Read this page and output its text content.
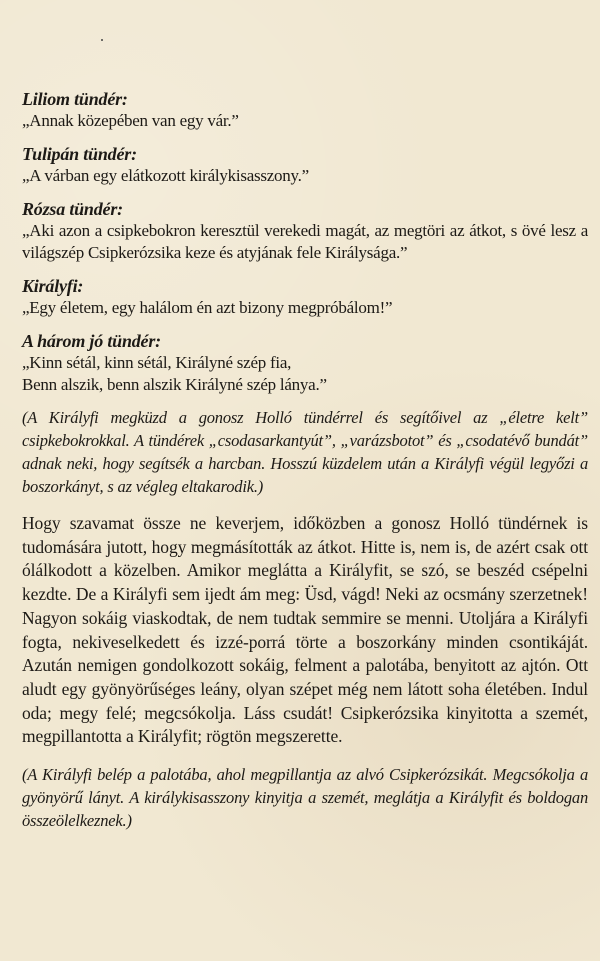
Liliom tündér:

„Annak közepében van egy vár.”

Tulipán tündér:

„A várban egy elátkozott királykisasszony.”

Rózsa tündér:

„Aki azon a csipkebokron keresztül verekedi magát, az megtöri az átkot, s övé lesz a világszép Csipkerózsika keze és atyjának fele Királysága.”

Királyfi:

„Egy életem, egy halálom én azt bizony megpróbálom!”

A három jó tündér:

„Kinn sétál, kinn sétál, Királyné szép fia,
Benn alszik, benn alszik Királyné szép lánya.”

(A Királyfi megküzd a gonosz Holló tündérrel és segítőivel az „életre kelt” csipkebokrokkal. A tündérek „csodasarkantyút”, „varázsbotot” és „csodatévő bundát” adnak neki, hogy segítsék a harcban. Hosszú küzdelem után a Királyfi végül legyőzi a boszorkányt, s az végleg eltakarodik.)

Hogy szavamat össze ne keverjem, időközben a gonosz Holló tündérnek is tudomására jutott, hogy megmásították az átkot. Hitte is, nem is, de azért csak ott ólálkodott a közelben. Amikor meglátta a Királyfit, se szó, se beszéd csépelni kezdte. De a Királyfi sem ijedt ám meg: Üsd, vágd! Neki az ocsmány szerzetnek! Nagyon sokáig viaskodtak, de nem tudtak semmire se menni. Utoljára a Királyfi fogta, nekiveselkedett és izzé-porrá törte a boszorkány minden csontikáját. Azután nemigen gondolkozott sokáig, felment a palotába, benyitott az ajtón. Ott aludt egy gyönyörűséges leány, olyan szépet még nem látott soha életében. Indul oda; megy felé; megcsókolja. Láss csudát! Csipkerózsika kinyitotta a szemét, megpillantotta a Királyfit; rögtön megszerette.

(A Királyfi belép a palotába, ahol megpillantja az alvó Csipkerózsikát. Megcsókolja a gyönyörű lányt. A királykisasszony kinyitja a szemét, meglátja a Királyfit és boldogan összeölelkeznek.)
